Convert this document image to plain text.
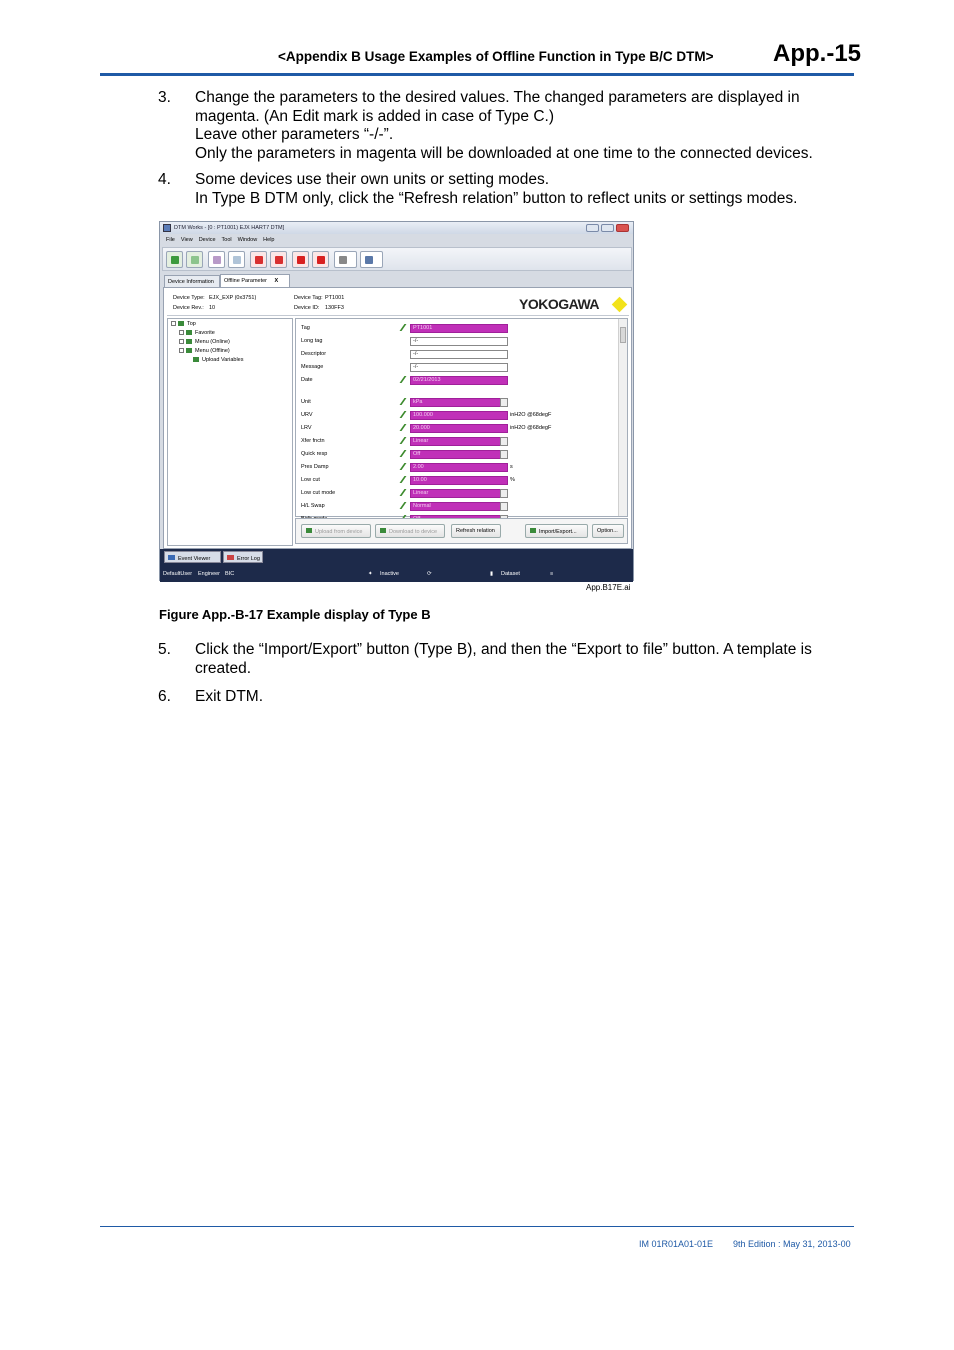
<Appendix B Usage Examples of Offline Function in Type B/C DTM> App.-15
3.	Change the parameters to the desired values. The changed parameters are displayed in
magenta. (An Edit mark is added in case of Type C.)
Leave other parameters “-/-”.
Only the parameters in magenta will be downloaded at one time to the connected devices.
4.	Some devices use their own units or setting modes.
In Type B DTM only, click the “Refresh relation” button to reflect units or settings modes.
DTM Works - [0 : PT1001) EJX HART7 DTM]
File View Device Tool Window Help
Device Information	Offline Parameter X
Device Type: EJX_EXP (0x3751)
Device Rev.: 10
Device Tag: PT1001
Device ID: 130FF3	YOKOGAWA
Top
Favorite
Menu (Online)
Menu (Offline)
Upload Variables
Tag	PT1001
Long tag	-/-
Descriptor	-/-
Message	-/-
Date	02/21/2013
Unit	kPa
URV	100.000	inH2O @68degF
LRV	20.000	inH2O @68degF
Xfer fnctn	Linear
Quick resp	Off
Pres Damp	2.00	s
Low cut	10.00	%
Low cut mode	Linear
H/L Swap	Normal
Upload from device	Download to device	Refresh relation	Import/Export...	Option...
Event Viewer	Error Log
DefaultUser Engineer BIC	✦ Inactive	⟳	▮ Dataset	≡
App.B17E.ai
Figure App.-B-17 Example display of Type B
5.	Click the “Import/Export” button (Type B), and then the “Export to file” button. A template is
created.
6.	Exit DTM.
IM 01R01A01-01E 9th Edition : May 31, 2013-00
